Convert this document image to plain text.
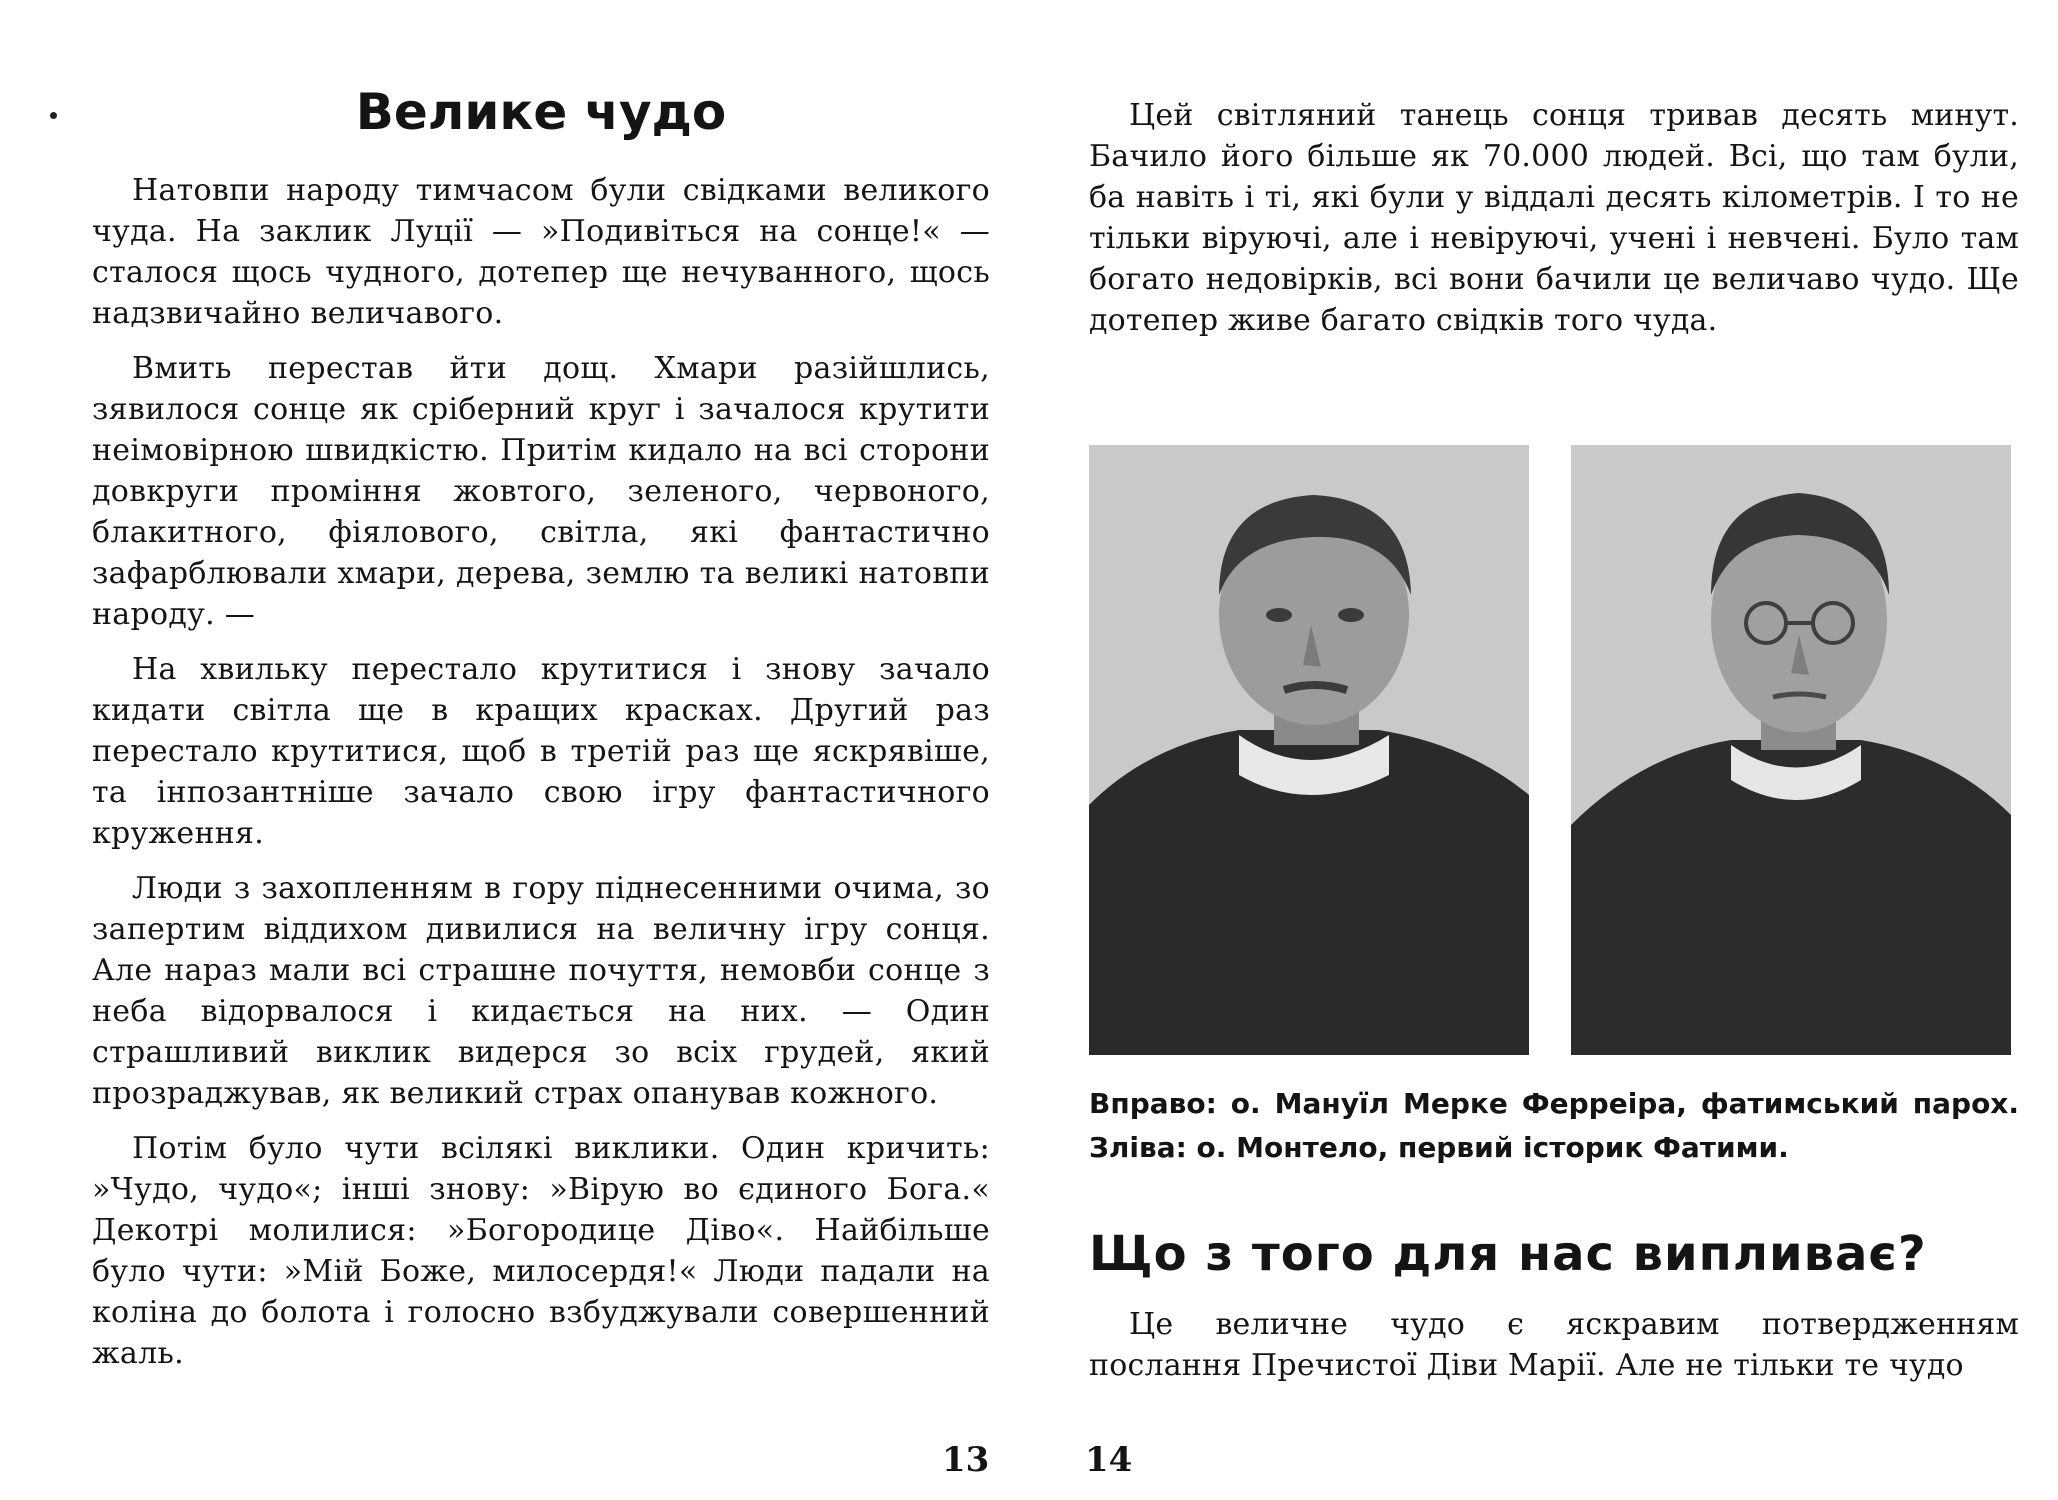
Велике чудо

Натовпи народу тимчасом були свідками великого чуда. На заклик Луції — »Подивіться на сонце!« — сталося щось чудного, дотепер ще нечуванного, щось надзвичайно величавого.

Вмить перестав йти дощ. Хмари разійшлись, зявилося сонце як сріберний круг і зачалося крутити неімовірною швидкістю. Притім кидало на всі сторони довкруги проміння жовтого, зеленого, червоного, блакитного, фіялового, світла, які фантастично зафарблювали хмари, дерева, землю та великі натовпи народу. —

На хвильку перестало крутитися і знову зачало кидати світла ще в кращих красках. Другий раз перестало крутитися, щоб в третій раз ще яскрявіше, та інпозантніше зачало свою ігру фантастичного круження.

Люди з захопленням в гору піднесенними очима, зо запертим віддихом дивилися на величну ігру сонця. Але нараз мали всі страшне почуття, немовби сонце з неба відорвалося і кидається на них. — Один страшливий виклик видерся зо всіх грудей, який прозраджував, як великий страх опанував кожного.

Потім було чути всілякі виклики. Один кричить: »Чудо, чудо«; інші знову: »Вірую во єдиного Бога.« Декотрі молилися: »Богородице Діво«. Найбільше було чути: »Мій Боже, милосердя!« Люди падали на коліна до болота і голосно взбуджували совершенний жаль.

13

Цей світляний танець сонця тривав десять минут. Бачило його більше як 70.000 людей. Всі, що там були, ба навіть і ті, які були у віддалі десять кілометрів. І то не тільки віруючі, але і невіруючі, учені і невчені. Було там богато недовірків, всі вони бачили це величаво чудо. Ще дотепер живе багато свідків того чуда.

Вправо: о. Мануїл Мерке Ферреіра, фатимський парох. Зліва: о. Монтело, первий історик Фатими.
Що з того для нас випливає?

Це величне чудо є яскравим потвердженням послання Пречистої Діви Марії. Але не тільки те чудо

14
